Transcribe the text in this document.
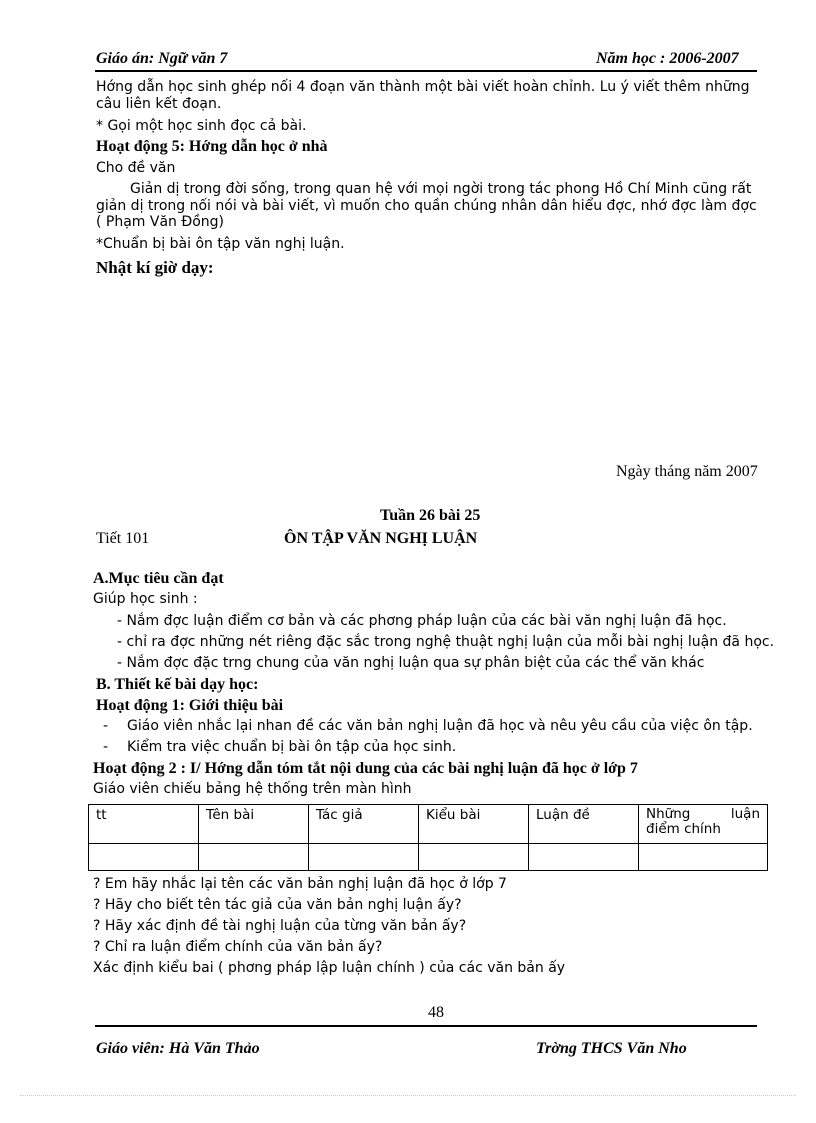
Giáo án: Ngữ văn 7	Năm học : 2006-2007
Hớng dẫn học sinh ghép nối 4 đoạn văn thành một bài viết hoàn chỉnh. Lu ý viết thêm những
câu liên kết đoạn.
* Gọi một học sinh đọc cả bài.
Hoạt động 5: Hớng dẫn học ở nhà
Cho đề văn
Giản dị trong đời sống, trong quan hệ với mọi ngời trong tác phong Hồ Chí Minh cũng rất
giản dị trong nối nói và bài viết, vì muốn cho quần chúng nhân dân hiểu đợc, nhớ đợc làm đợc
( Phạm Văn Đồng)
*Chuẩn bị bài ôn tập văn nghị luận.
Nhật kí giờ dạy:
Ngày tháng năm 2007
Tuần 26 bài 25
Tiết 101	ÔN TẬP VĂN NGHỊ LUẬN
A.Mục tiêu cần đạt
Giúp học sinh :
- Nắm đợc luận điểm cơ bản và các phơng pháp luận của các bài văn nghị luận đã học.
- chỉ ra đợc những nét riêng đặc sắc trong nghệ thuật nghị luận của mỗi bài nghị luận đã học.
- Nắm đợc đặc trng chung của văn nghị luận qua sự phân biệt của các thể văn khác
B. Thiết kế bài dạy học:
Hoạt động 1: Giới thiệu bài
- Giáo viên nhắc lại nhan đề các văn bản nghị luận đã học và nêu yêu cầu của việc ôn tập.
- Kiểm tra việc chuẩn bị bài ôn tập của học sinh.
Hoạt động 2 : I/ Hớng dẫn tóm tắt nội dung của các bài nghị luận đã học ở lớp 7
Giáo viên chiếu bảng hệ thống trên màn hình
tt	Tên bài	Tác giả	Kiểu bài	Luận đề	Những luận
điểm chính

? Em hãy nhắc lại tên các văn bản nghị luận đã học ở lớp 7
? Hãy cho biết tên tác giả của văn bản nghị luận ấy?
? Hãy xác định đề tài nghị luận của từng văn bản ấy?
? Chỉ ra luận điểm chính của văn bản ấy?
Xác định kiểu bai ( phơng pháp lập luận chính ) của các văn bản ấy
48
Giáo viên: Hà Văn Thảo	Trờng THCS Văn Nho
